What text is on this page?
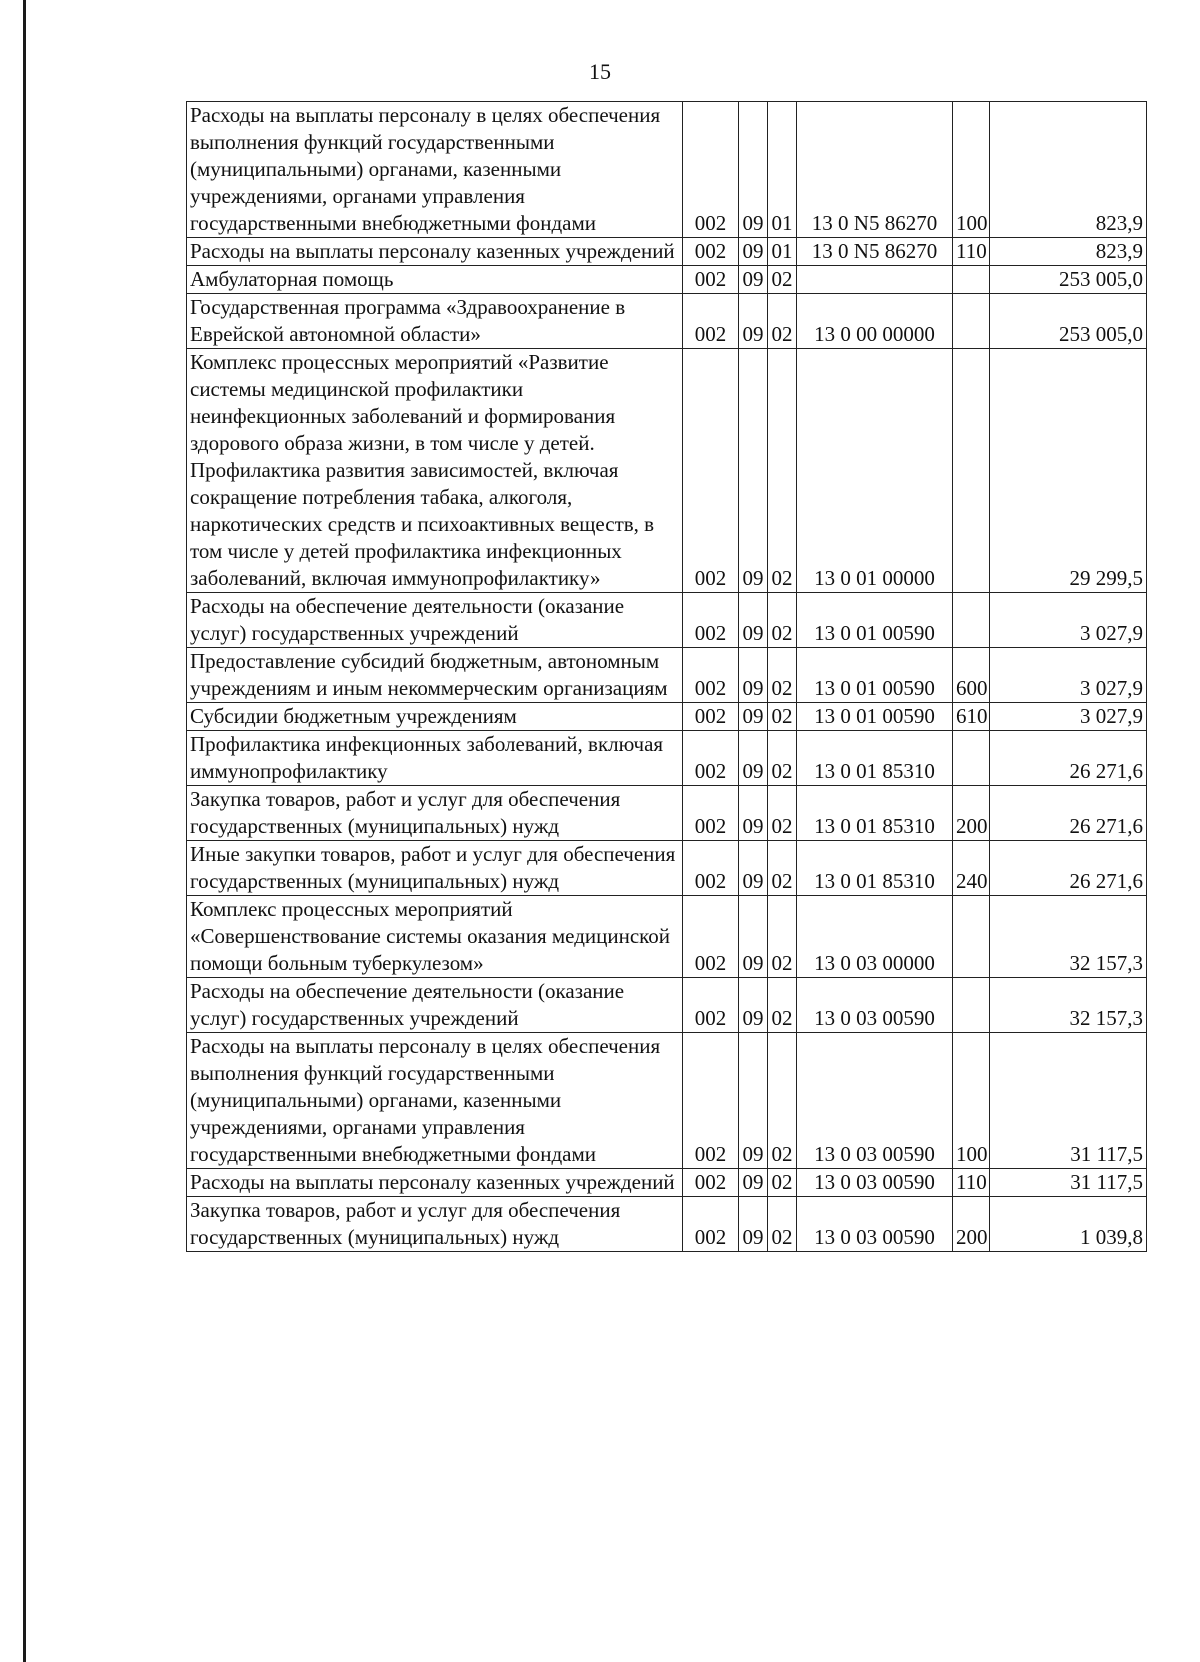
15
Расходы на выплаты персоналу в целях обеспечения выполнения функций государственными (муниципальными) органами, казенными учреждениями, органами управления государственными внебюджетными фондами	002	09	01	13 0 N5 86270	100	823,9
Расходы на выплаты персоналу казенных учреждений	002	09	01	13 0 N5 86270	110	823,9
Амбулаторная помощь	002	09	02			253 005,0
Государственная программа «Здравоохранение в Еврейской автономной области»	002	09	02	13 0 00 00000		253 005,0
Комплекс процессных мероприятий «Развитие системы медицинской профилактики неинфекционных заболеваний и формирования здорового образа жизни, в том числе у детей. Профилактика развития зависимостей, включая сокращение потребления табака, алкоголя, наркотических средств и психоактивных веществ, в том числе у детей профилактика инфекционных заболеваний, включая иммунопрофилактику»	002	09	02	13 0 01 00000		29 299,5
Расходы на обеспечение деятельности (оказание услуг) государственных учреждений	002	09	02	13 0 01 00590		3 027,9
Предоставление субсидий бюджетным, автономным учреждениям и иным некоммерческим организациям	002	09	02	13 0 01 00590	600	3 027,9
Субсидии бюджетным учреждениям	002	09	02	13 0 01 00590	610	3 027,9
Профилактика инфекционных заболеваний, включая иммунопрофилактику	002	09	02	13 0 01 85310		26 271,6
Закупка товаров, работ и услуг для обеспечения государственных (муниципальных) нужд	002	09	02	13 0 01 85310	200	26 271,6
Иные закупки товаров, работ и услуг для обеспечения государственных (муниципальных) нужд	002	09	02	13 0 01 85310	240	26 271,6
Комплекс процессных мероприятий «Совершенствование системы оказания медицинской помощи больным туберкулезом»	002	09	02	13 0 03 00000		32 157,3
Расходы на обеспечение деятельности (оказание услуг) государственных учреждений	002	09	02	13 0 03 00590		32 157,3
Расходы на выплаты персоналу в целях обеспечения выполнения функций государственными (муниципальными) органами, казенными учреждениями, органами управления государственными внебюджетными фондами	002	09	02	13 0 03 00590	100	31 117,5
Расходы на выплаты персоналу казенных учреждений	002	09	02	13 0 03 00590	110	31 117,5
Закупка товаров, работ и услуг для обеспечения государственных (муниципальных) нужд	002	09	02	13 0 03 00590	200	1 039,8
